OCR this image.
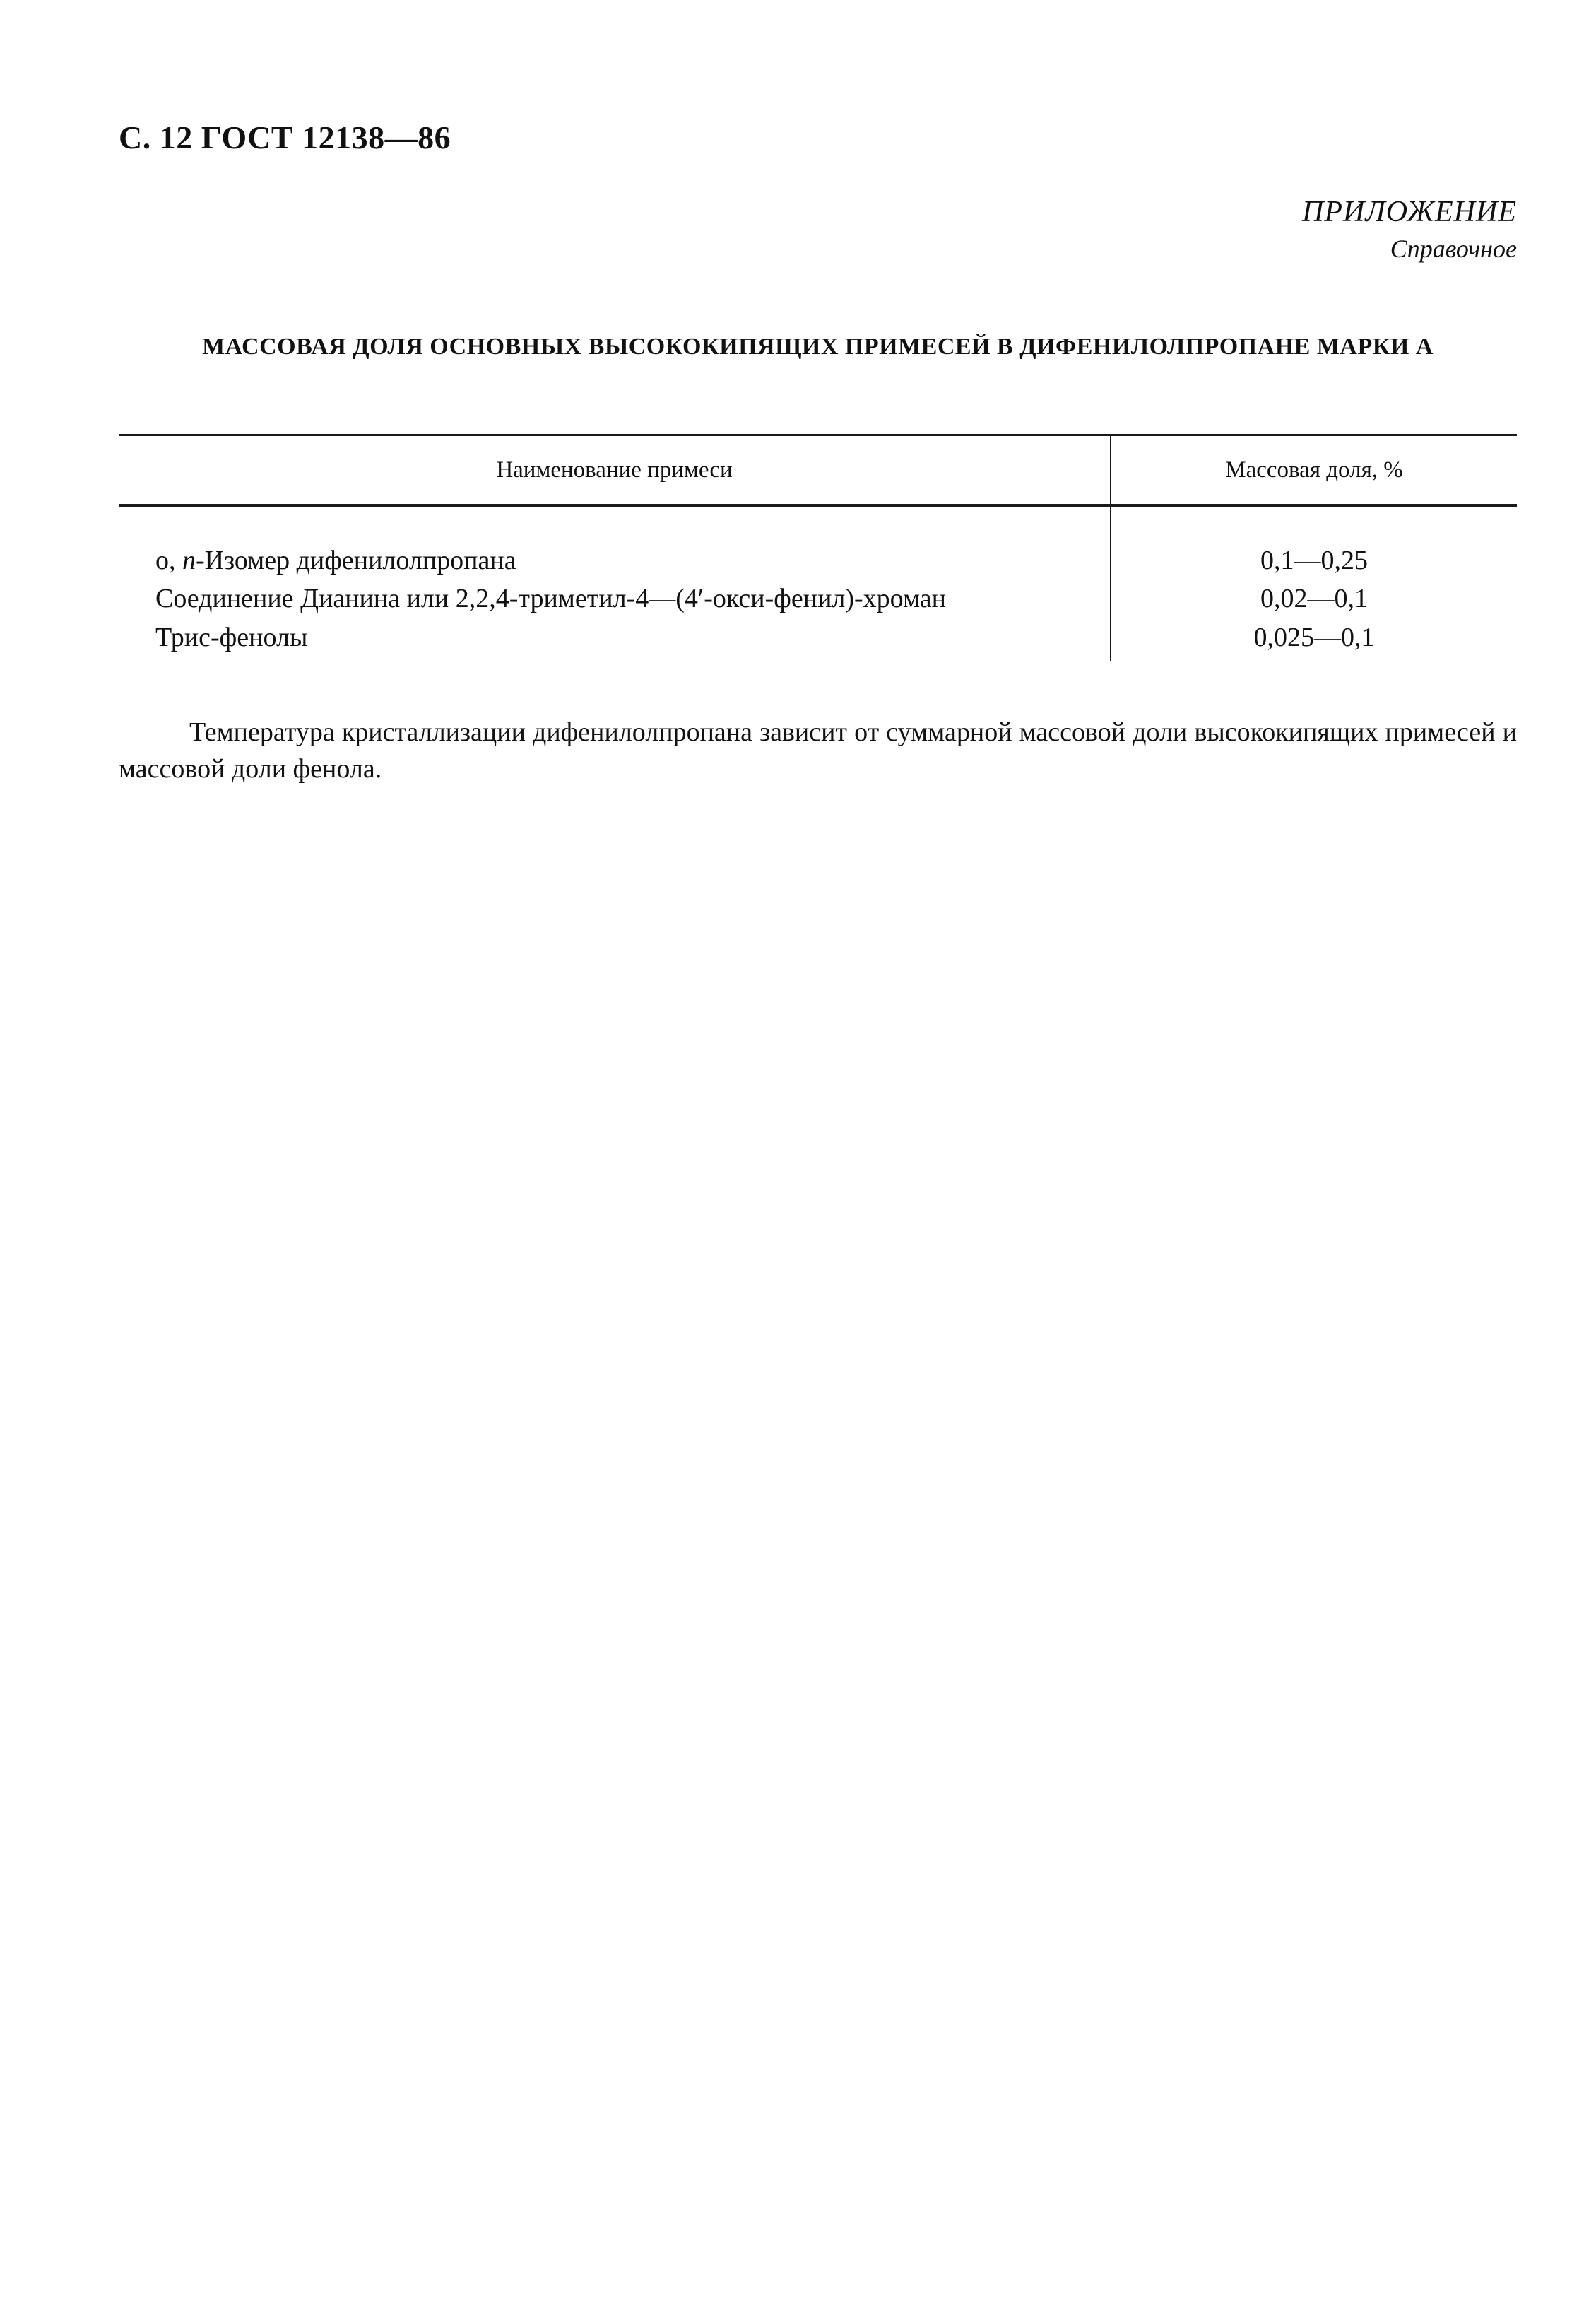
С. 12 ГОСТ 12138—86
ПРИЛОЖЕНИЕ
Справочное
МАССОВАЯ ДОЛЯ ОСНОВНЫХ ВЫСОКОКИПЯЩИХ ПРИМЕСЕЙ В ДИФЕНИЛОЛПРОПАНЕ МАРКИ А
Наименование примеси	Массовая доля, %

о, п-Изомер дифенилолпропана	0,1—0,25
Соединение Дианина или 2,2,4-триметил-4—(4′-окси-фенил)-хроман	0,02—0,1
Трис-фенолы	0,025—0,1
Температура кристаллизации дифенилолпропана зависит от суммарной массовой доли высококипящих примесей и массовой доли фенола.
